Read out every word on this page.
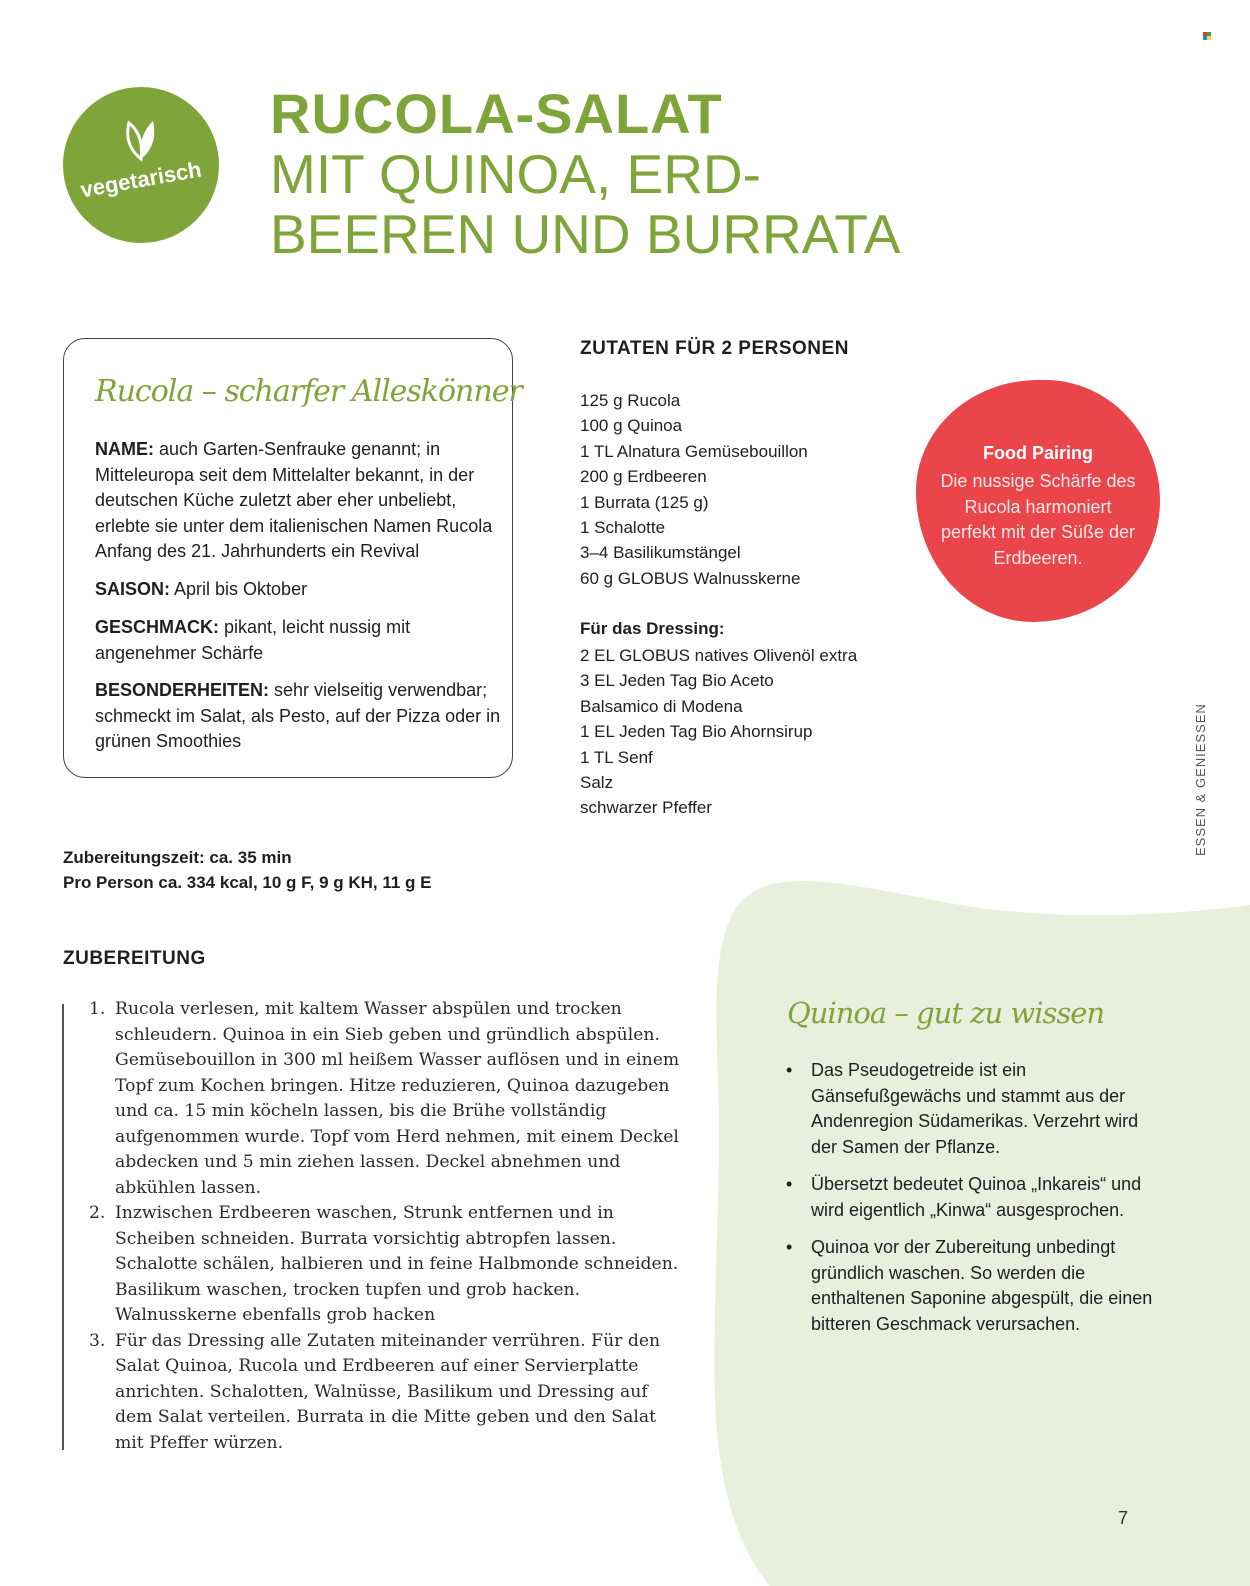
vegetarisch
RUCOLA-SALAT
MIT QUINOA, ERD-
BEEREN UND BURRATA
Rucola – scharfer Alleskönner
NAME: auch Garten-Senfrauke genannt; in Mitteleuropa seit dem Mittelalter bekannt, in der deutschen Küche zuletzt aber eher unbeliebt, erlebte sie unter dem italienischen Namen Rucola Anfang des 21. Jahrhunderts ein Revival
SAISON: April bis Oktober
GESCHMACK: pikant, leicht nussig mit angenehmer Schärfe
BESONDERHEITEN: sehr vielseitig verwendbar; schmeckt im Salat, als Pesto, auf der Pizza oder in grünen Smoothies
ZUTATEN FÜR 2 PERSONEN
125 g Rucola
100 g Quinoa
1 TL Alnatura Gemüsebouillon
200 g Erdbeeren
1 Burrata (125 g)
1 Schalotte
3–4 Basilikumstängel
60 g GLOBUS Walnusskerne
Für das Dressing:
2 EL GLOBUS natives Olivenöl extra
3 EL Jeden Tag Bio Aceto
Balsamico di Modena
1 EL Jeden Tag Bio Ahornsirup
1 TL Senf
Salz
schwarzer Pfeffer
Food Pairing
Die nussige Schärfe des Rucola harmoniert perfekt mit der Süße der Erdbeeren.
ESSEN & GENIESSEN
Zubereitungszeit: ca. 35 min
Pro Person ca. 334 kcal, 10 g F, 9 g KH, 11 g E
ZUBEREITUNG
1. Rucola verlesen, mit kaltem Wasser abspülen und trocken schleudern. Quinoa in ein Sieb geben und gründlich abspülen. Gemüsebouillon in 300 ml heißem Wasser auflösen und in einem Topf zum Kochen bringen. Hitze reduzieren, Quinoa dazugeben und ca. 15 min köcheln lassen, bis die Brühe vollständig aufgenommen wurde. Topf vom Herd nehmen, mit einem Deckel abdecken und 5 min ziehen lassen. Deckel abnehmen und abkühlen lassen.
2. Inzwischen Erdbeeren waschen, Strunk entfernen und in Scheiben schneiden. Burrata vorsichtig abtropfen lassen. Schalotte schälen, halbieren und in feine Halbmonde schneiden. Basilikum waschen, trocken tupfen und grob hacken. Walnusskerne ebenfalls grob hacken
3. Für das Dressing alle Zutaten miteinander verrühren. Für den Salat Quinoa, Rucola und Erdbeeren auf einer Servierplatte anrichten. Schalotten, Walnüsse, Basilikum und Dressing auf dem Salat verteilen. Burrata in die Mitte geben und den Salat mit Pfeffer würzen.
Quinoa – gut zu wissen
• Das Pseudogetreide ist ein Gänsefußgewächs und stammt aus der Andenregion Südamerikas. Verzehrt wird der Samen der Pflanze.
• Übersetzt bedeutet Quinoa „Inkareis“ und wird eigentlich „Kinwa“ ausgesprochen.
• Quinoa vor der Zubereitung unbedingt gründlich waschen. So werden die enthaltenen Saponine abgespült, die einen bitteren Geschmack verursachen.
7
